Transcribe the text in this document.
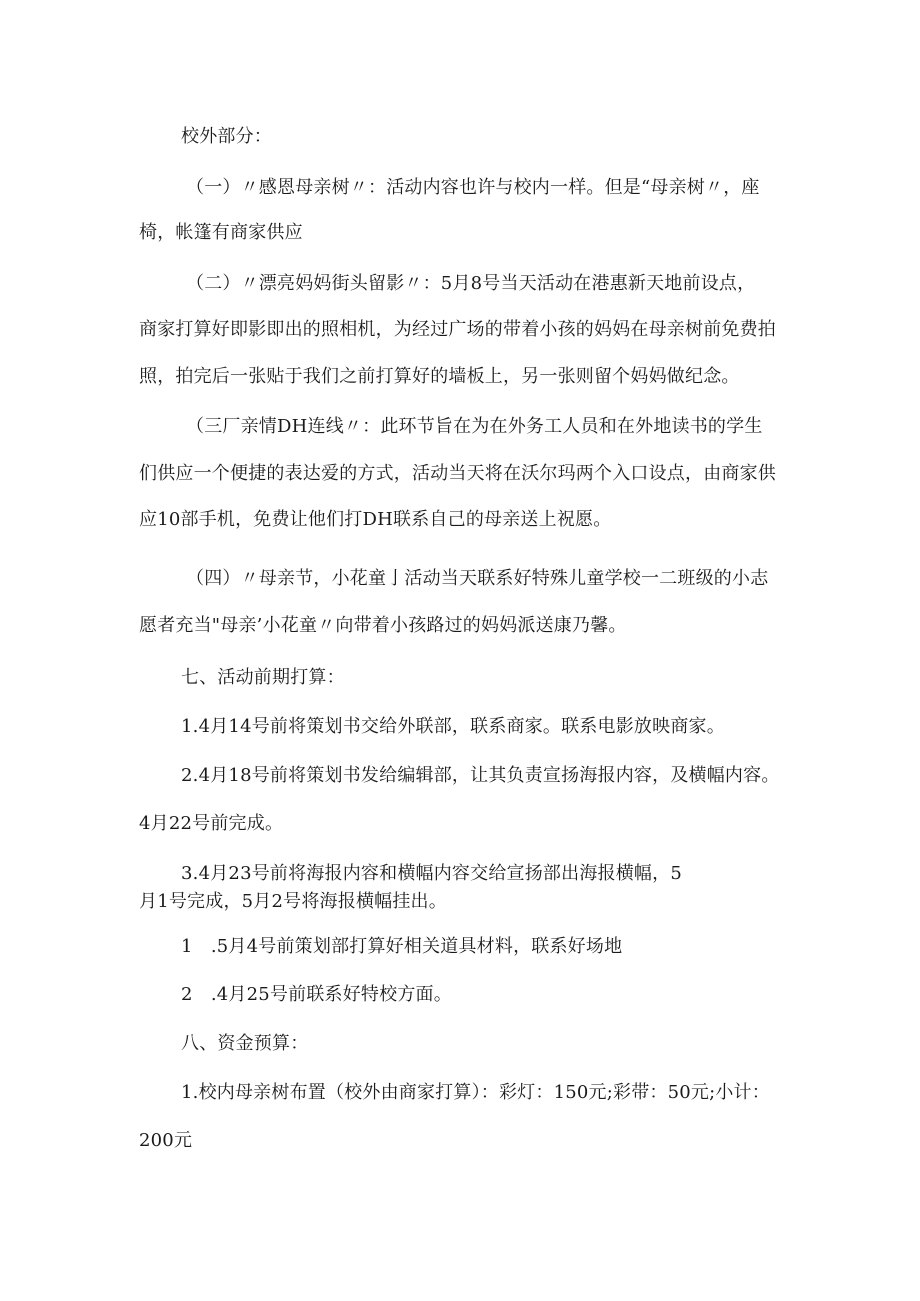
校外部分：
（一）〃感恩母亲树〃：活动内容也许与校内一样。但是“母亲树〃，座
椅，帐篷有商家供应
（二）〃漂亮妈妈街头留影〃：5月8号当天活动在港惠新天地前设点，
商家打算好即影即出的照相机，为经过广场的带着小孩的妈妈在母亲树前免费拍
照，拍完后一张贴于我们之前打算好的墙板上，另一张则留个妈妈做纪念。
（三厂亲情DH连线〃：此环节旨在为在外务工人员和在外地读书的学生
们供应一个便捷的表达爱的方式，活动当天将在沃尔玛两个入口设点，由商家供
应10部手机，免费让他们打DH联系自己的母亲送上祝愿。
（四）〃母亲节，小花童亅活动当天联系好特殊儿童学校一二班级的小志
愿者充当"母亲’小花童〃向带着小孩路过的妈妈派送康乃馨。
七、活动前期打算：
1.4月14号前将策划书交给外联部，联系商家。联系电影放映商家。
2.4月18号前将策划书发给编辑部，让其负责宣扬海报内容，及横幅内容。
4月22号前完成。
3.4月23号前将海报内容和横幅内容交给宣扬部出海报横幅，5
月1号完成，5月2号将海报横幅挂出。
1　.5月4号前策划部打算好相关道具材料，联系好场地
2　.4月25号前联系好特校方面。
八、资金预算：
1.校内母亲树布置（校外由商家打算）：彩灯：150元;彩带：50元;小计：
200元
